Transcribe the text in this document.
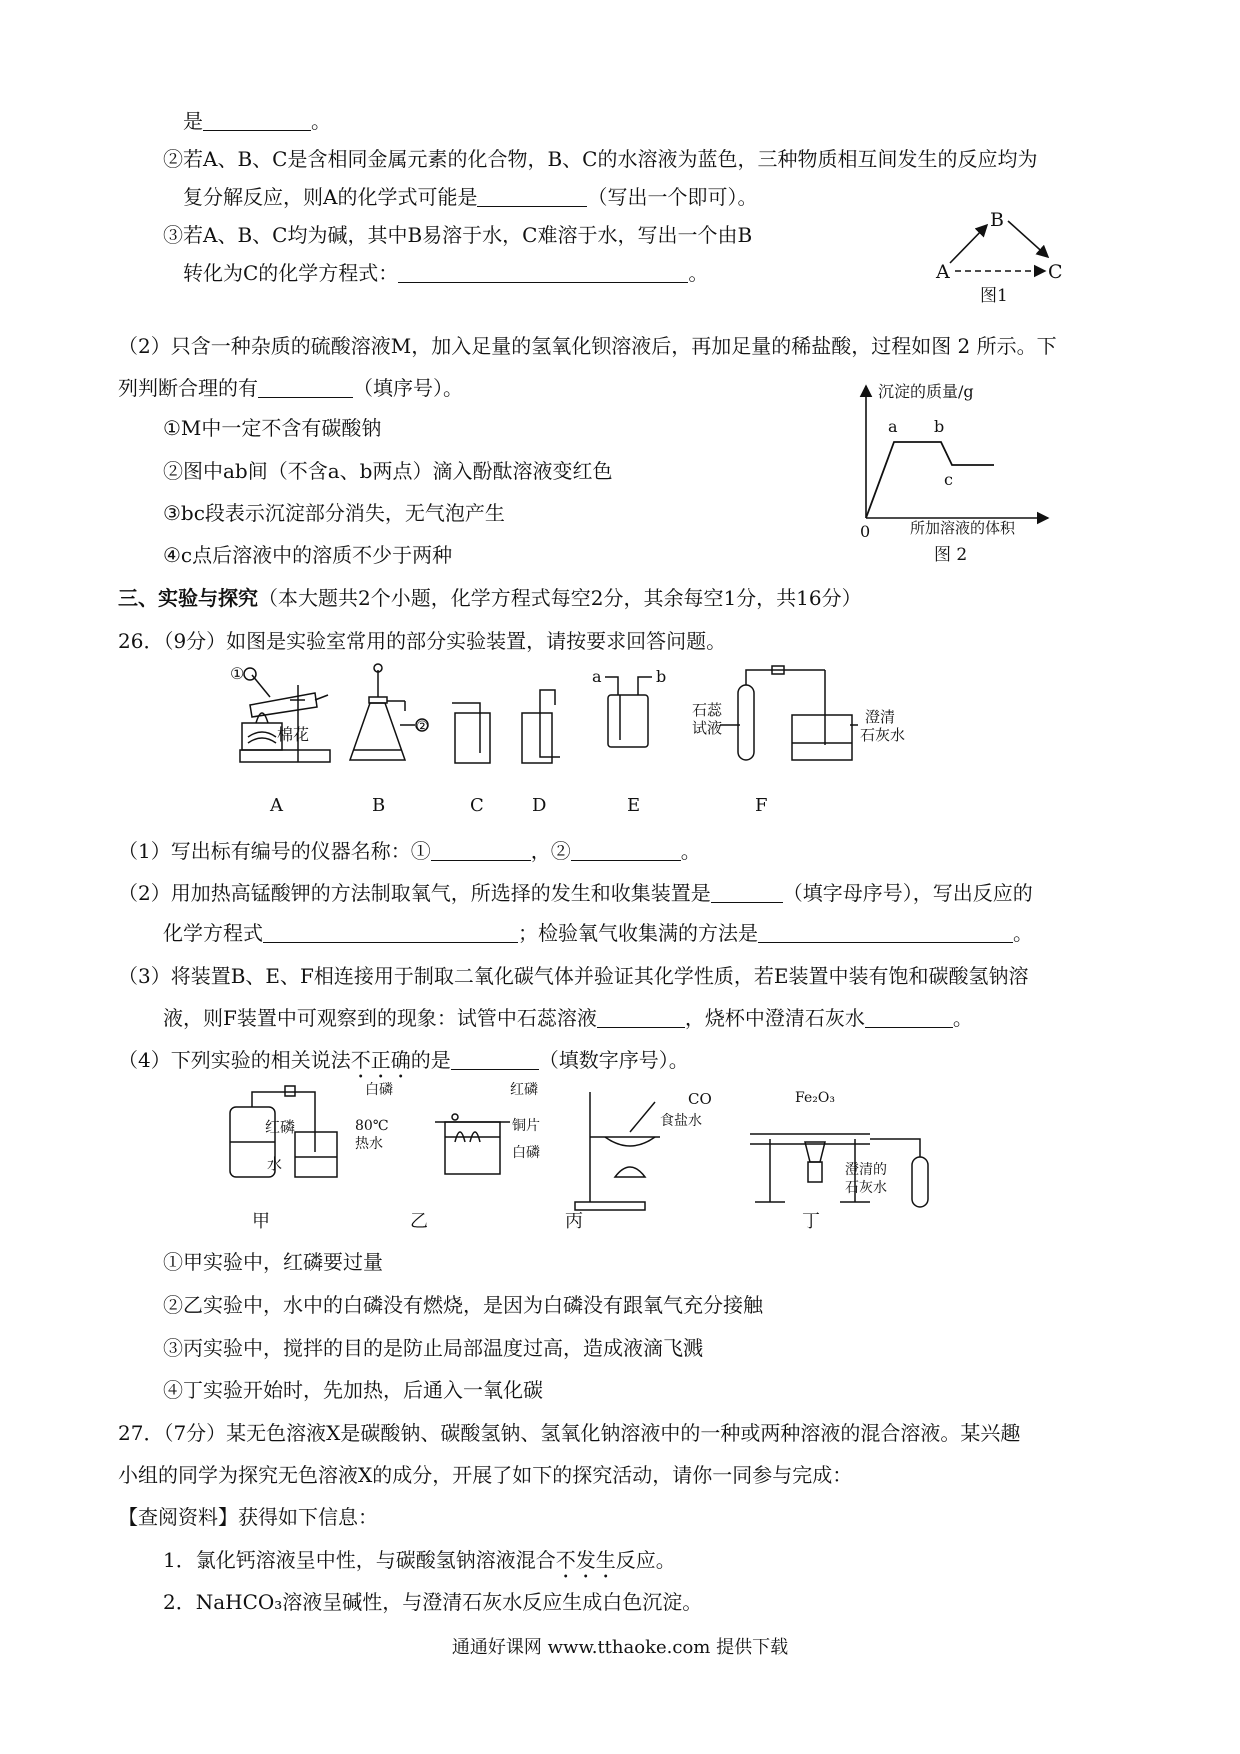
是	。
②若A、B、C是含相同金属元素的化合物，B、C的水溶液为蓝色，三种物质相互间发生的反应均为
复分解反应，则A的化学式可能是	（写出一个即可）。
③若A、B、C均为碱，其中B易溶于水，C难溶于水，写出一个由B
转化为C的化学方程式：	。
B
A	C
图1
（2）只含一种杂质的硫酸溶液M，加入足量的氢氧化钡溶液后，再加足量的稀盐酸，过程如图 2 所示。下
列判断合理的有	（填序号）。
①M中一定不含有碳酸钠
②图中ab间（不含a、b两点）滴入酚酞溶液变红色
③bc段表示沉淀部分消失，无气泡产生
④c点后溶液中的溶质不少于两种
沉淀的质量/g
a b
c
0	所加溶液的体积
图 2
三、实验与探究（本大题共2个小题，化学方程式每空2分，其余每空1分，共16分）
26．（9分）如图是实验室常用的部分实验装置，请按要求回答问题。
①
棉花	②
a	b
石蕊
试液
澄清
石灰水
A	B	C	D	E	F
（1）写出标有编号的仪器名称：①	，②	。
（2）用加热高锰酸钾的方法制取氧气，所选择的发生和收集装置是	（填字母序号），写出反应的
化学方程式	；检验氧气收集满的方法是	。
（3）将装置B、E、F相连接用于制取二氧化碳气体并验证其化学性质，若E装置中装有饱和碳酸氢钠溶
液，则F装置中可观察到的现象：试管中石蕊溶液	，烧杯中澄清石灰水	。
（4）下列实验的相关说法不正确的是	（填数字序号）。
红磷
水
白磷	红磷
铜片
80℃
热水
白磷
食盐水
CO	Fe₂O₃
澄清的
石灰水
甲	乙	丙	丁
①甲实验中，红磷要过量
②乙实验中，水中的白磷没有燃烧，是因为白磷没有跟氧气充分接触
③丙实验中，搅拌的目的是防止局部温度过高，造成液滴飞溅
④丁实验开始时，先加热，后通入一氧化碳
27．（7分）某无色溶液X是碳酸钠、碳酸氢钠、氢氧化钠溶液中的一种或两种溶液的混合溶液。某兴趣
小组的同学为探究无色溶液X的成分，开展了如下的探究活动，请你一同参与完成：
【查阅资料】获得如下信息：
1．氯化钙溶液呈中性，与碳酸氢钠溶液混合不发生反应。
2．NaHCO₃溶液呈碱性，与澄清石灰水反应生成白色沉淀。
通通好课网 www.tthaoke.com 提供下载
